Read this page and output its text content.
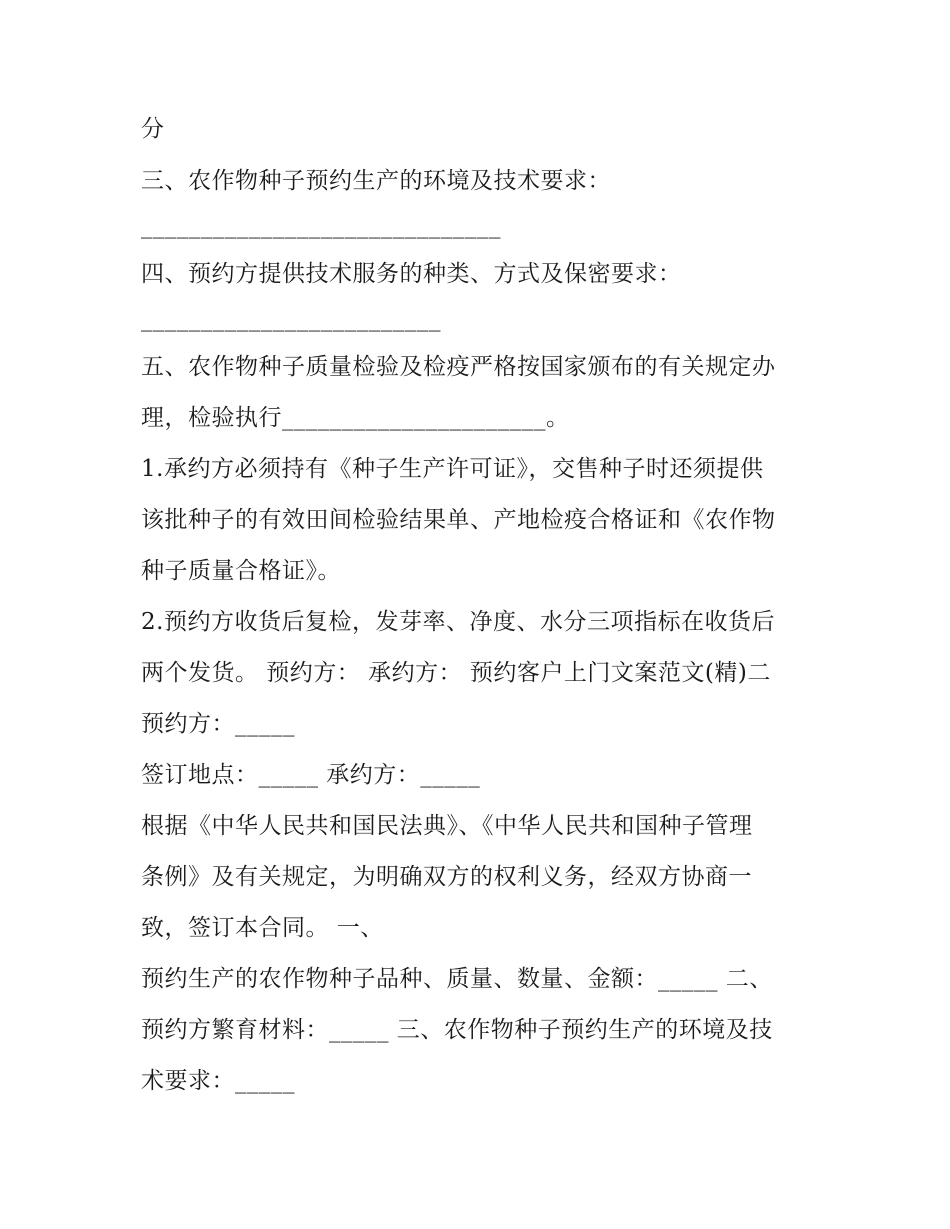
分
三、农作物种子预约生产的环境及技术要求：
______________________________
四、预约方提供技术服务的种类、方式及保密要求：
_________________________
五、农作物种子质量检验及检疫严格按国家颁布的有关规定办
理，检验执行______________________。
1.承约方必须持有《种子生产许可证》，交售种子时还须提供
该批种子的有效田间检验结果单、产地检疫合格证和《农作物
种子质量合格证》。
2.预约方收货后复检，发芽率、净度、水分三项指标在收货后
两个发货。 预约方： 承约方： 预约客户上门文案范文(精)二
预约方：_____
签订地点：_____ 承约方：_____
根据《中华人民共和国民法典》、《中华人民共和国种子管理
条例》及有关规定，为明确双方的权利义务，经双方协商一
致，签订本合同。 一、
预约生产的农作物种子品种、质量、数量、金额：_____ 二、
预约方繁育材料：_____ 三、农作物种子预约生产的环境及技
术要求：_____
